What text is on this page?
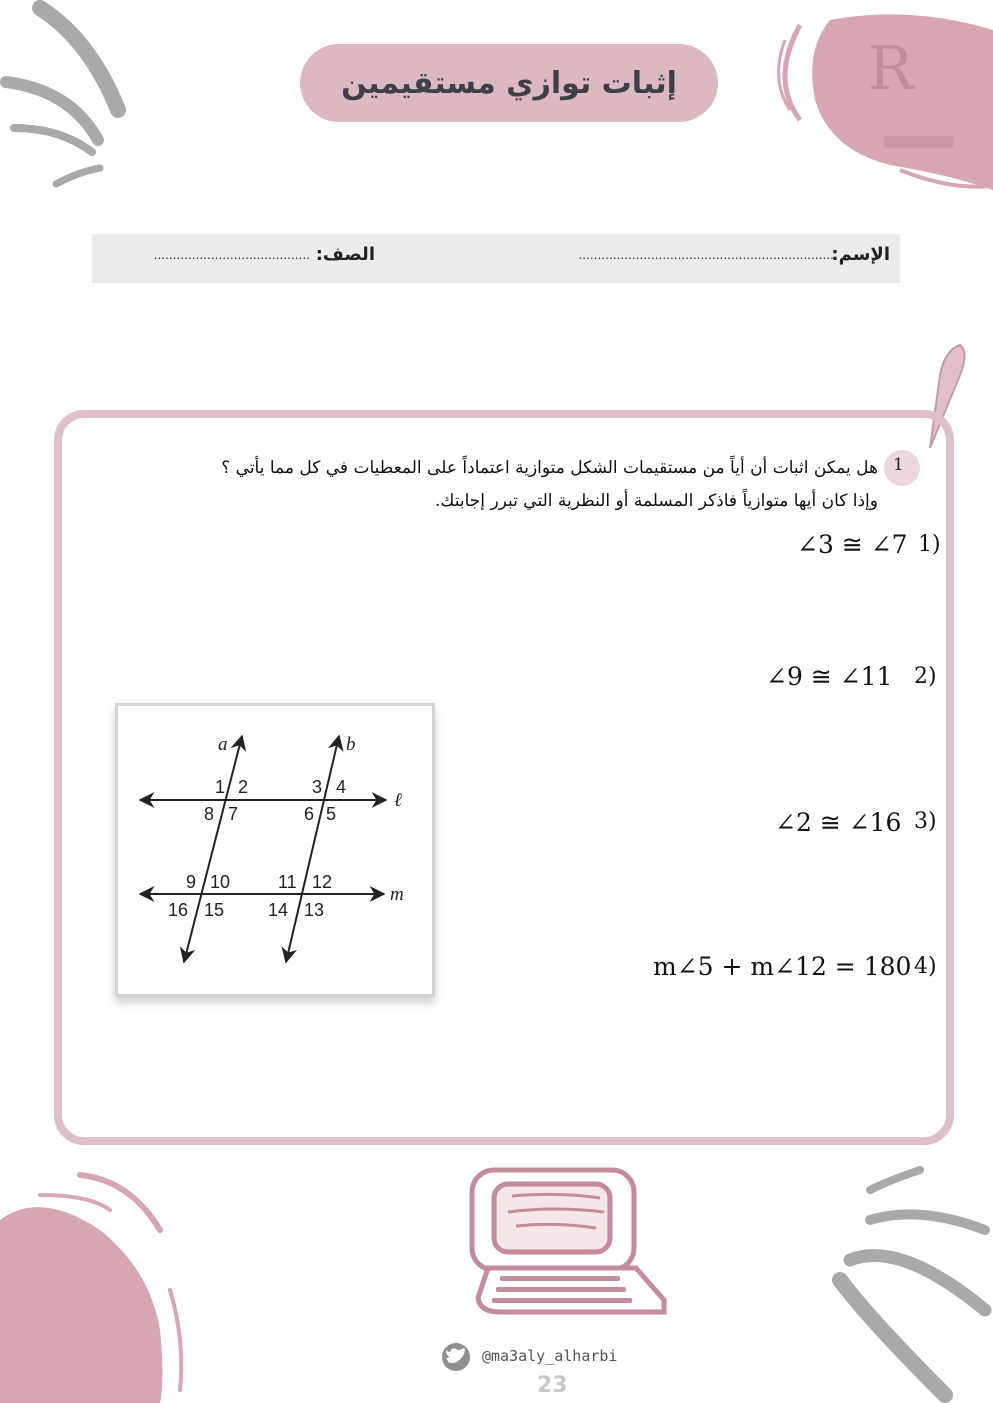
R
إثبات توازي مستقيمين
الإسم:
...................................................................
الصف:
.........................................
1
هل يمكن اثبات أن أياً من مستقيمات الشكل متوازية اعتماداً على المعطيات في كل مما يأتي ؟
وإذا كان أيها متوازياً فاذكر المسلمة أو النظرية التي تبرر إجابتك.
1)
∠3 ≅ ∠7
2)
∠9 ≅ ∠11
3)
∠2 ≅ ∠16
4)
m∠5 + m∠12 = 180
a	b
ℓ
m
1 2
8 7
3 4
6 5
9 10
16 15
11 12
14 13
@ma3aly_alharbi
23
